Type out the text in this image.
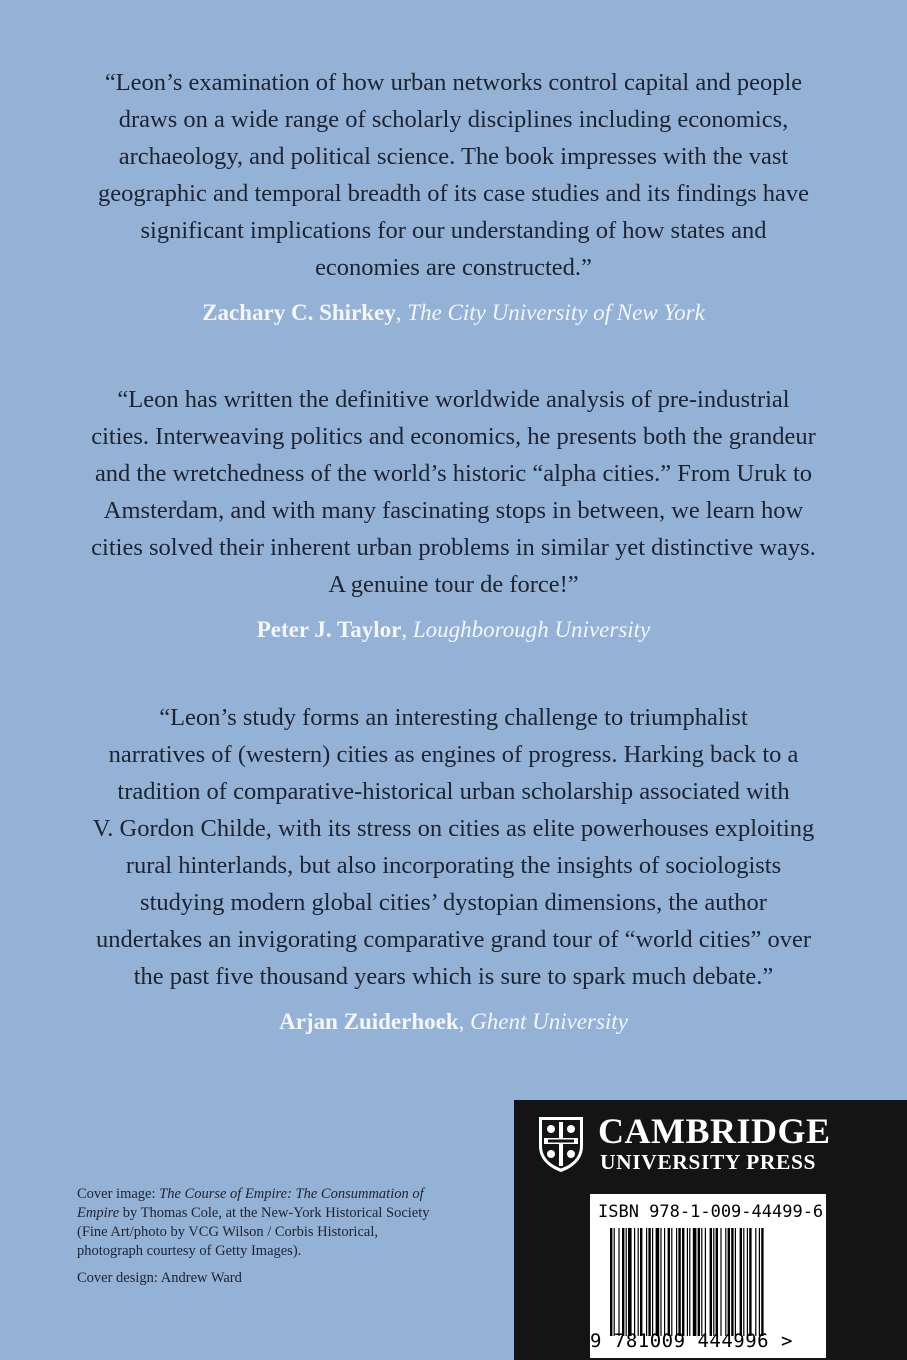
“Leon’s examination of how urban networks control capital and people
draws on a wide range of scholarly disciplines including economics,
archaeology, and political science. The book impresses with the vast
geographic and temporal breadth of its case studies and its findings have
significant implications for our understanding of how states and
economies are constructed.”

Zachary C. Shirkey, The City University of New York

“Leon has written the definitive worldwide analysis of pre-industrial
cities. Interweaving politics and economics, he presents both the grandeur
and the wretchedness of the world’s historic “alpha cities.” From Uruk to
Amsterdam, and with many fascinating stops in between, we learn how
cities solved their inherent urban problems in similar yet distinctive ways.
A genuine tour de force!”

Peter J. Taylor, Loughborough University

“Leon’s study forms an interesting challenge to triumphalist
narratives of (western) cities as engines of progress. Harking back to a
tradition of comparative-historical urban scholarship associated with
V. Gordon Childe, with its stress on cities as elite powerhouses exploiting
rural hinterlands, but also incorporating the insights of sociologists
studying modern global cities’ dystopian dimensions, the author
undertakes an invigorating comparative grand tour of “world cities” over
the past five thousand years which is sure to spark much debate.”

Arjan Zuiderhoek, Ghent University

Cover image: The Course of Empire: The Consummation of Empire by Thomas Cole, at the New-York Historical Society (Fine Art/photo by VCG Wilson / Corbis Historical, photograph courtesy of Getty Images).

Cover design: Andrew Ward

CAMBRIDGE
UNIVERSITY PRESS
ISBN 978-1-009-44499-6
9 781009 444996 >
